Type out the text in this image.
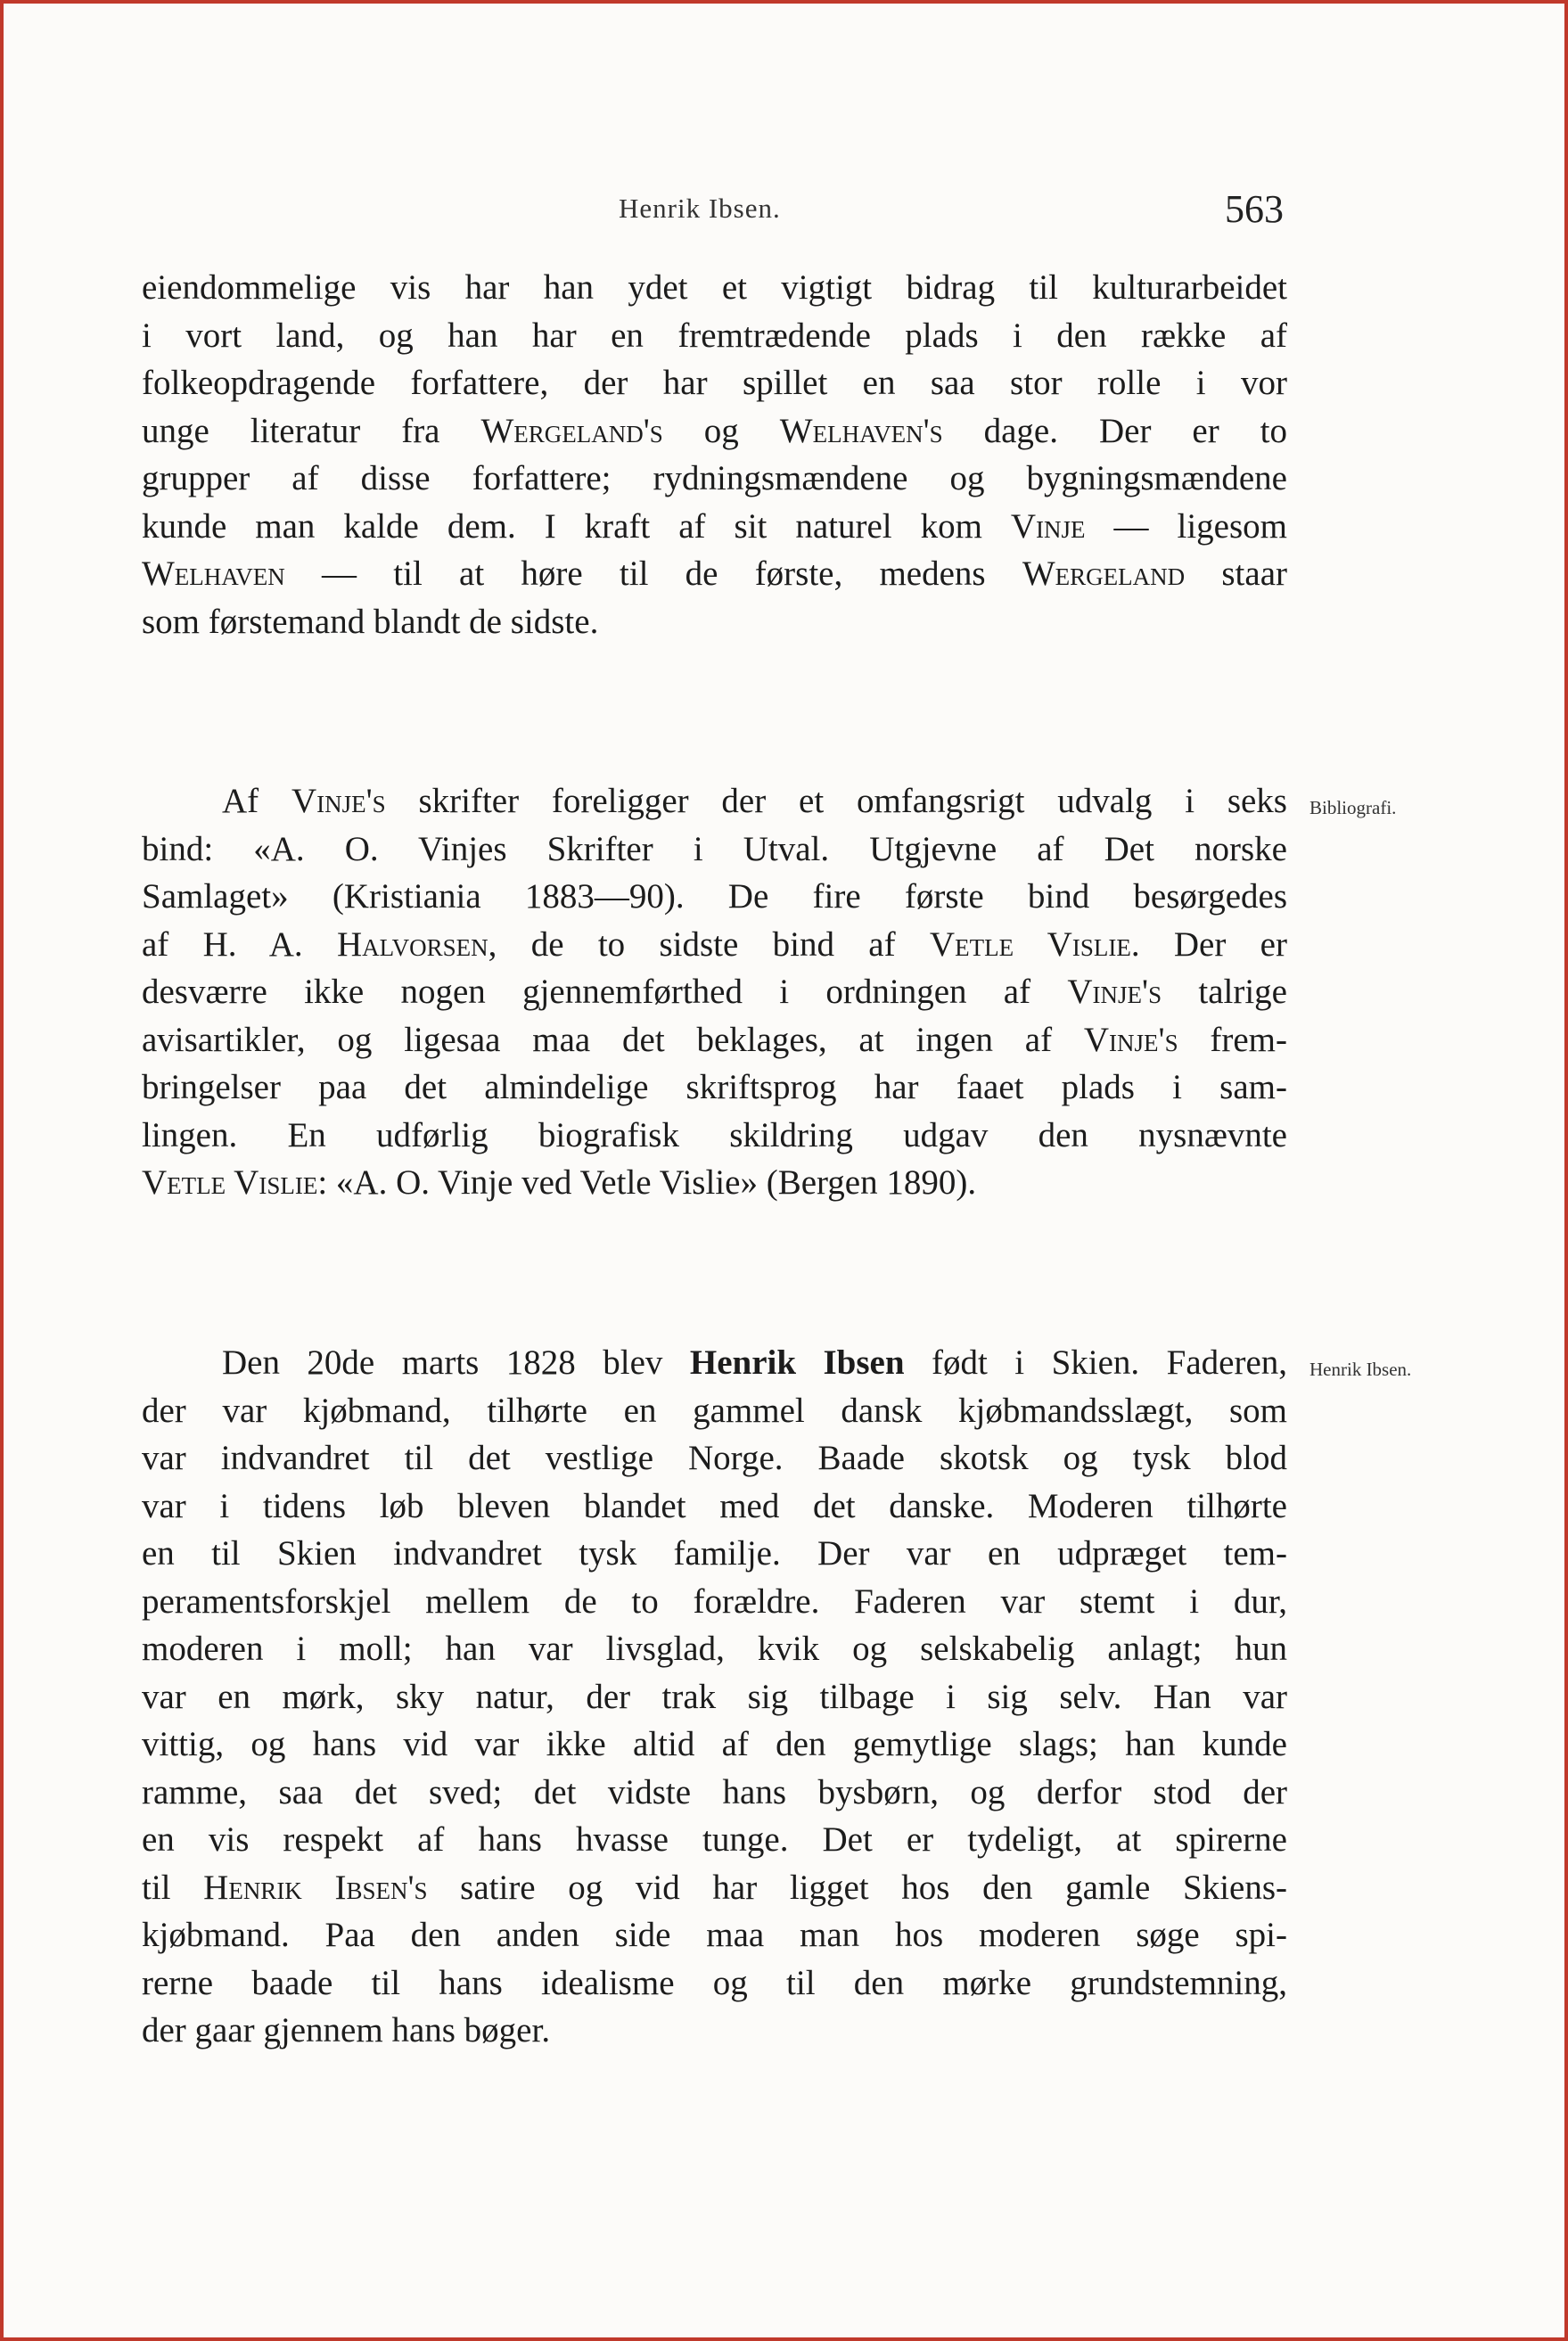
Henrik Ibsen.	563
eiendommelige vis har han ydet et vigtigt bidrag til kulturarbeidet
i vort land, og han har en fremtrædende plads i den række af
folkeopdragende forfattere, der har spillet en saa stor rolle i vor
unge literatur fra Wergeland's og Welhaven's dage. Der er to
grupper af disse forfattere; rydningsmændene og bygningsmændene
kunde man kalde dem. I kraft af sit naturel kom Vinje — ligesom
Welhaven — til at høre til de første, medens Wergeland staar
som førstemand blandt de sidste.
Bibliografi.
Af Vinje's skrifter foreligger der et omfangsrigt udvalg i seks
bind: «A. O. Vinjes Skrifter i Utval. Utgjevne af Det norske
Samlaget» (Kristiania 1883—90). De fire første bind besørgedes
af H. A. Halvorsen, de to sidste bind af Vetle Vislie. Der er
desværre ikke nogen gjennemførthed i ordningen af Vinje's talrige
avisartikler, og ligesaa maa det beklages, at ingen af Vinje's frem-
bringelser paa det almindelige skriftsprog har faaet plads i sam-
lingen. En udførlig biografisk skildring udgav den nysnævnte
Vetle Vislie: «A. O. Vinje ved Vetle Vislie» (Bergen 1890).
Henrik Ibsen.
Den 20de marts 1828 blev Henrik Ibsen født i Skien. Faderen,
der var kjøbmand, tilhørte en gammel dansk kjøbmandsslægt, som
var indvandret til det vestlige Norge. Baade skotsk og tysk blod
var i tidens løb bleven blandet med det danske. Moderen tilhørte
en til Skien indvandret tysk familje. Der var en udpræget tem-
peramentsforskjel mellem de to forældre. Faderen var stemt i dur,
moderen i moll; han var livsglad, kvik og selskabelig anlagt; hun
var en mørk, sky natur, der trak sig tilbage i sig selv. Han var
vittig, og hans vid var ikke altid af den gemytlige slags; han kunde
ramme, saa det sved; det vidste hans bysbørn, og derfor stod der
en vis respekt af hans hvasse tunge. Det er tydeligt, at spirerne
til Henrik Ibsen's satire og vid har ligget hos den gamle Skiens-
kjøbmand. Paa den anden side maa man hos moderen søge spi-
rerne baade til hans idealisme og til den mørke grundstemning,
der gaar gjennem hans bøger.
